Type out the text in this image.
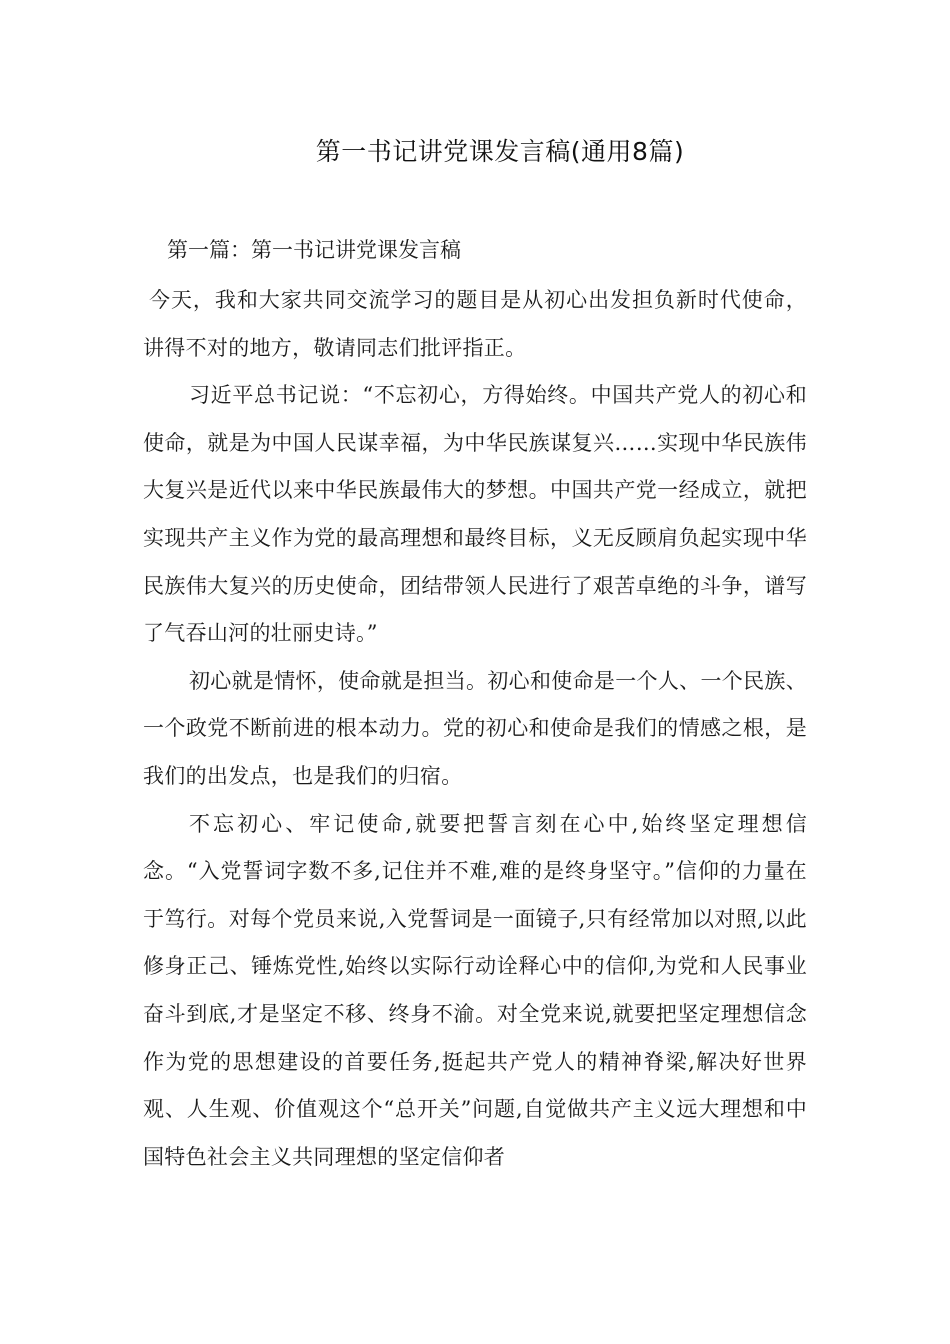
第一书记讲党课发言稿(通用8篇)

第一篇：第一书记讲党课发言稿

今天，我和大家共同交流学习的题目是从初心出发担负新时代使命，讲得不对的地方，敬请同志们批评指正。

习近平总书记说：“不忘初心，方得始终。中国共产党人的初心和使命，就是为中国人民谋幸福，为中华民族谋复兴……实现中华民族伟大复兴是近代以来中华民族最伟大的梦想。中国共产党一经成立，就把实现共产主义作为党的最高理想和最终目标，义无反顾肩负起实现中华民族伟大复兴的历史使命，团结带领人民进行了艰苦卓绝的斗争，谱写了气吞山河的壮丽史诗。”

初心就是情怀，使命就是担当。初心和使命是一个人、一个民族、一个政党不断前进的根本动力。党的初心和使命是我们的情感之根，是我们的出发点，也是我们的归宿。

不忘初心、牢记使命,就要把誓言刻在心中,始终坚定理想信念。“入党誓词字数不多,记住并不难,难的是终身坚守。”信仰的力量在于笃行。对每个党员来说,入党誓词是一面镜子,只有经常加以对照,以此修身正己、锤炼党性,始终以实际行动诠释心中的信仰,为党和人民事业奋斗到底,才是坚定不移、终身不渝。对全党来说,就要把坚定理想信念作为党的思想建设的首要任务,挺起共产党人的精神脊梁,解决好世界观、人生观、价值观这个“总开关”问题,自觉做共产主义远大理想和中国特色社会主义共同理想的坚定信仰者
